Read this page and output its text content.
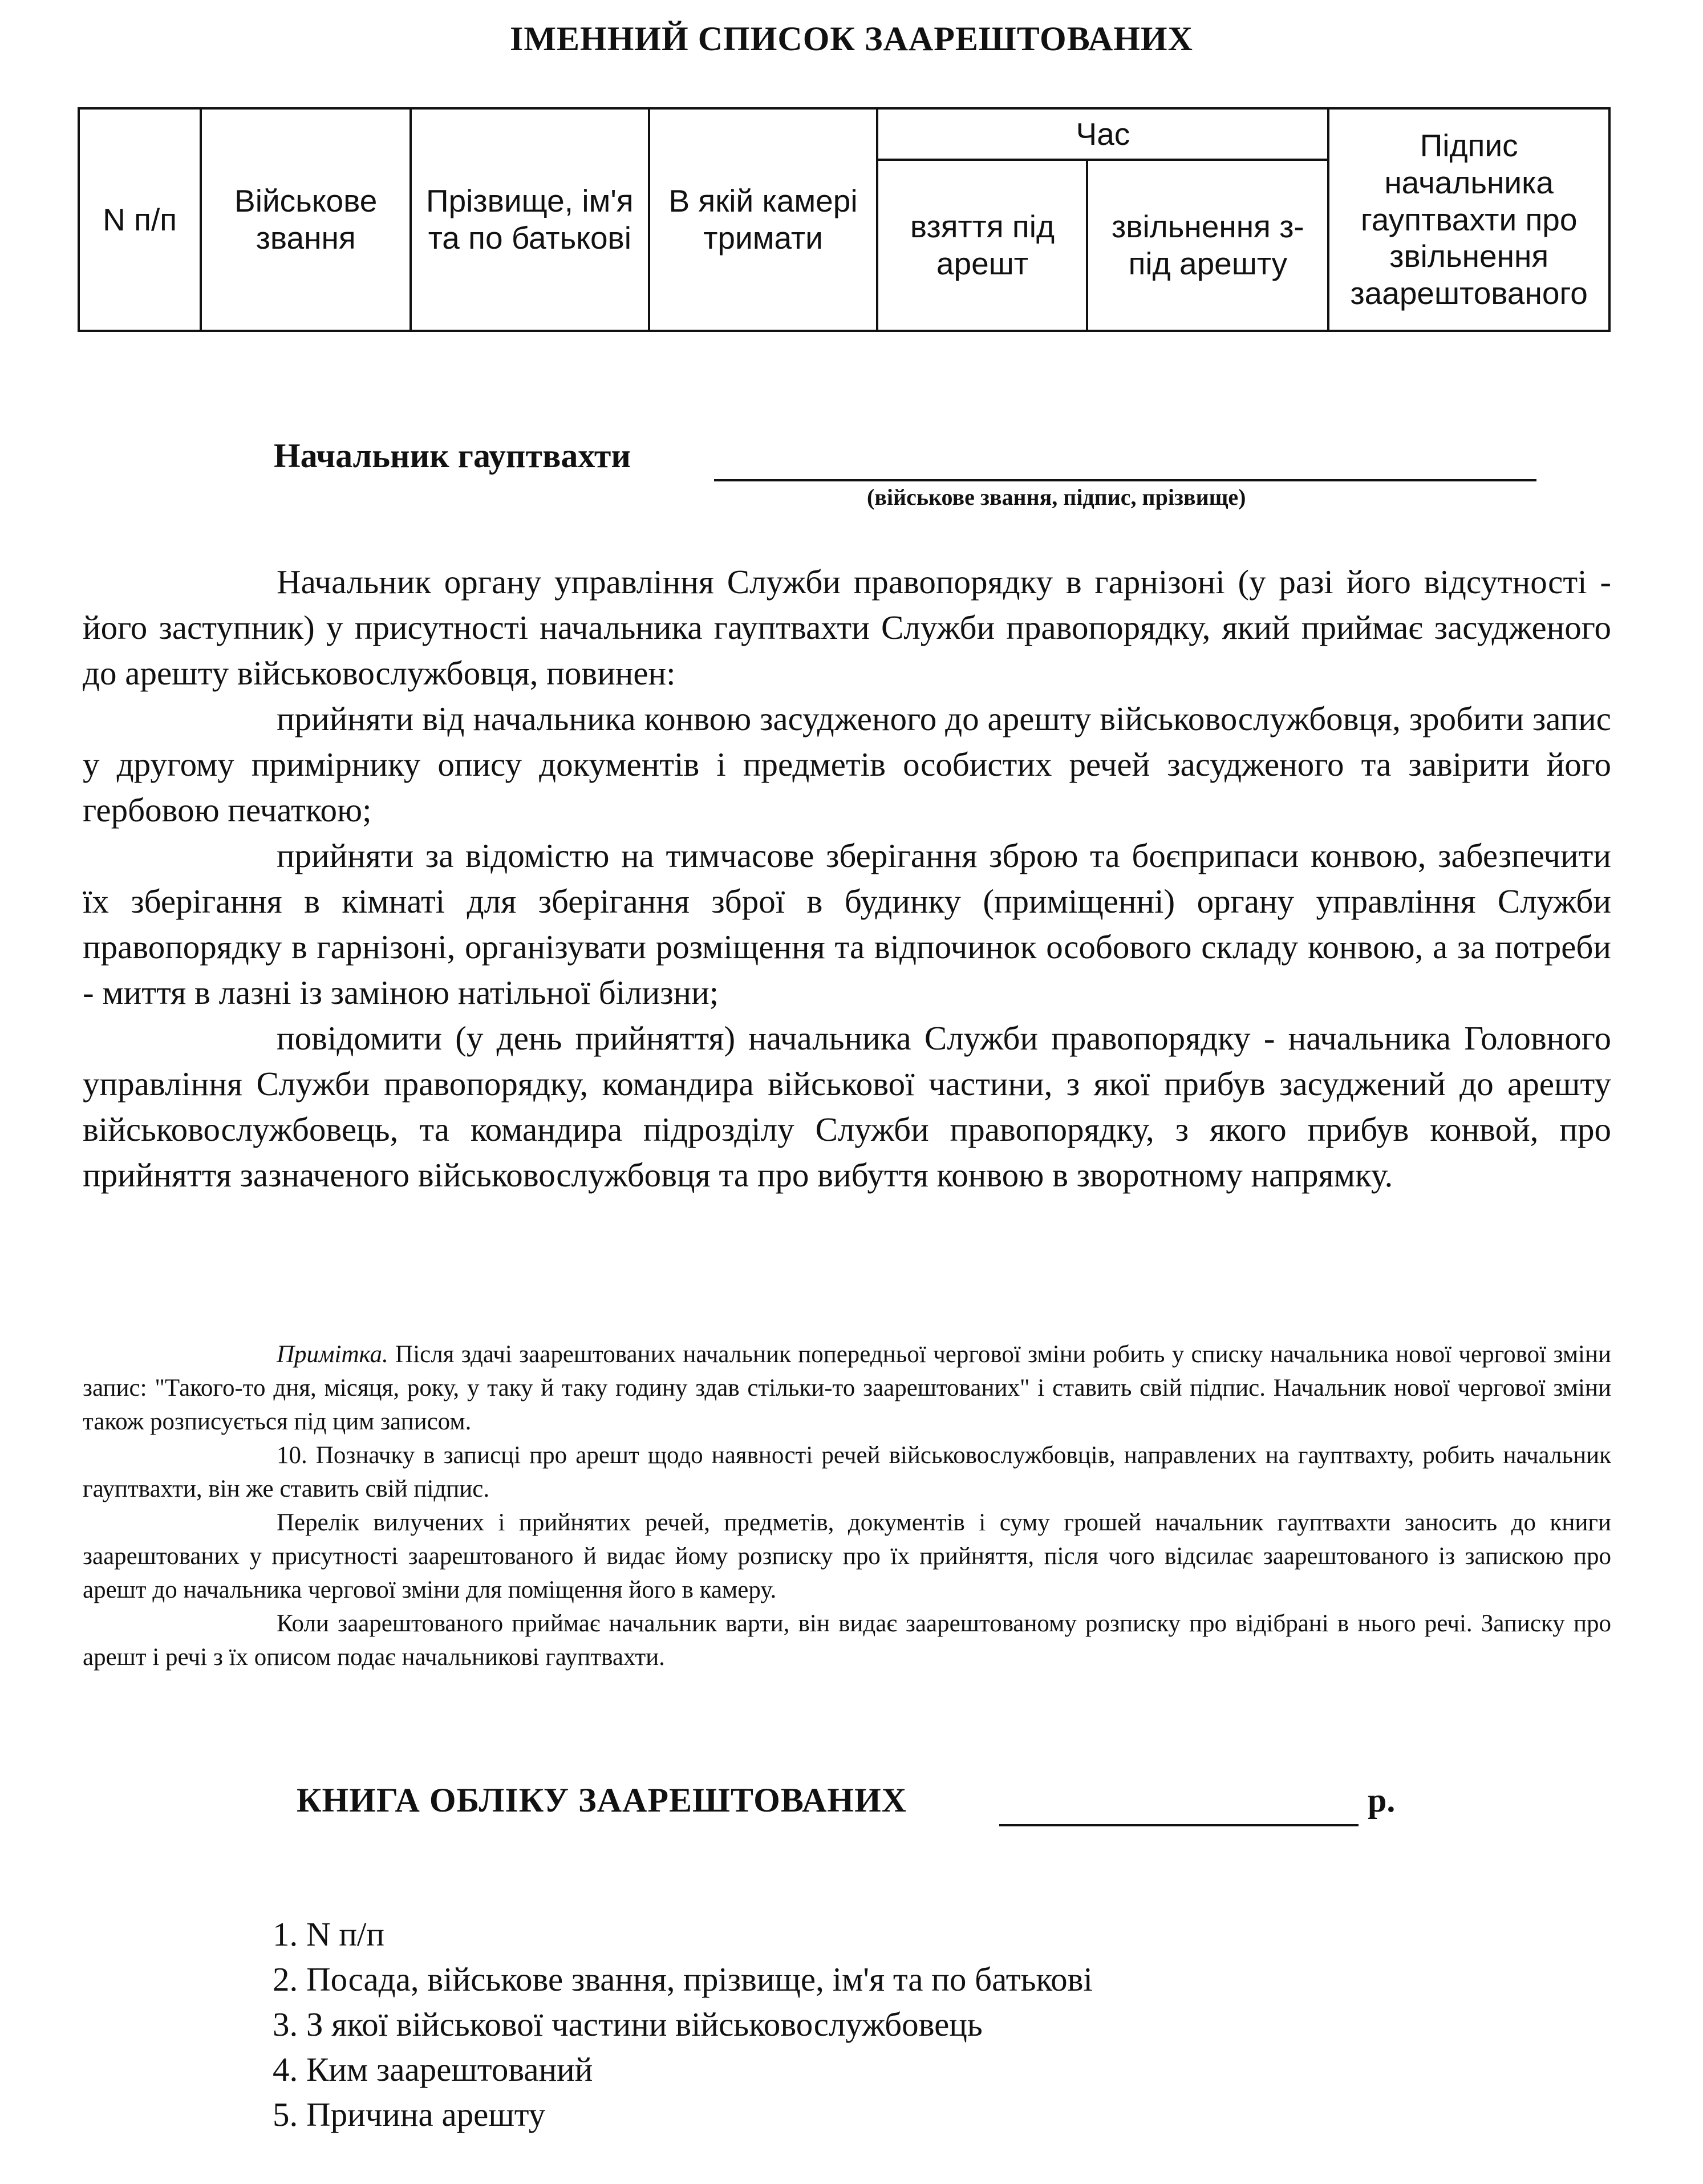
ІМЕННИЙ СПИСОК ЗААРЕШТОВАНИХ
N п/п	Військове звання	Прізвище, ім'я та по батькові	В якій камері тримати	Час		Підпис начальника гауптвахти про звільнення заарештованого
				взяття під арешт	звільнення з-під арешту	
Начальник гауптвахти
(військове звання, підпис, прізвище)

Начальник органу управління Служби правопорядку в гарнізоні (у разі його відсутності - його заступник) у присутності начальника гауптвахти Служби правопорядку, який приймає засудженого до арешту військовослужбовця, повинен:

прийняти від начальника конвою засудженого до арешту військовослужбовця, зробити запис у другому примірнику опису документів і предметів особистих речей засудженого та завірити його гербовою печаткою;

прийняти за відомістю на тимчасове зберігання зброю та боєприпаси конвою, забезпечити їх зберігання в кімнаті для зберігання зброї в будинку (приміщенні) органу управління Служби правопорядку в гарнізоні, організувати розміщення та відпочинок особового складу конвою, а за потреби - миття в лазні із заміною натільної білизни;

повідомити (у день прийняття) начальника Служби правопорядку - начальника Головного управління Служби правопорядку, командира військової частини, з якої прибув засуджений до арешту військовослужбовець, та командира підрозділу Служби правопорядку, з якого прибув конвой, про прийняття зазначеного військовослужбовця та про вибуття конвою в зворотному напрямку.

Примітка. Після здачі заарештованих начальник попередньої чергової зміни робить у списку начальника нової чергової зміни запис: "Такого-то дня, місяця, року, у таку й таку годину здав стільки-то заарештованих" і ставить свій підпис. Начальник нової чергової зміни також розписується під цим записом.

10. Позначку в записці про арешт щодо наявності речей військовослужбовців, направлених на гауптвахту, робить начальник гауптвахти, він же ставить свій підпис.

Перелік вилучених і прийнятих речей, предметів, документів і суму грошей начальник гауптвахти заносить до книги заарештованих у присутності заарештованого й видає йому розписку про їх прийняття, після чого відсилає заарештованого із запискою про арешт до начальника чергової зміни для поміщення його в камеру.

Коли заарештованого приймає начальник варти, він видає заарештованому розписку про відібрані в нього речі. Записку про арешт і речі з їх описом подає начальникові гауптвахти.

КНИГА ОБЛІКУ ЗААРЕШТОВАНИХ	р.
1. N п/п
2. Посада, військове звання, прізвище, ім'я та по батькові
3. З якої військової частини військовослужбовець
4. Ким заарештований
5. Причина арешту
